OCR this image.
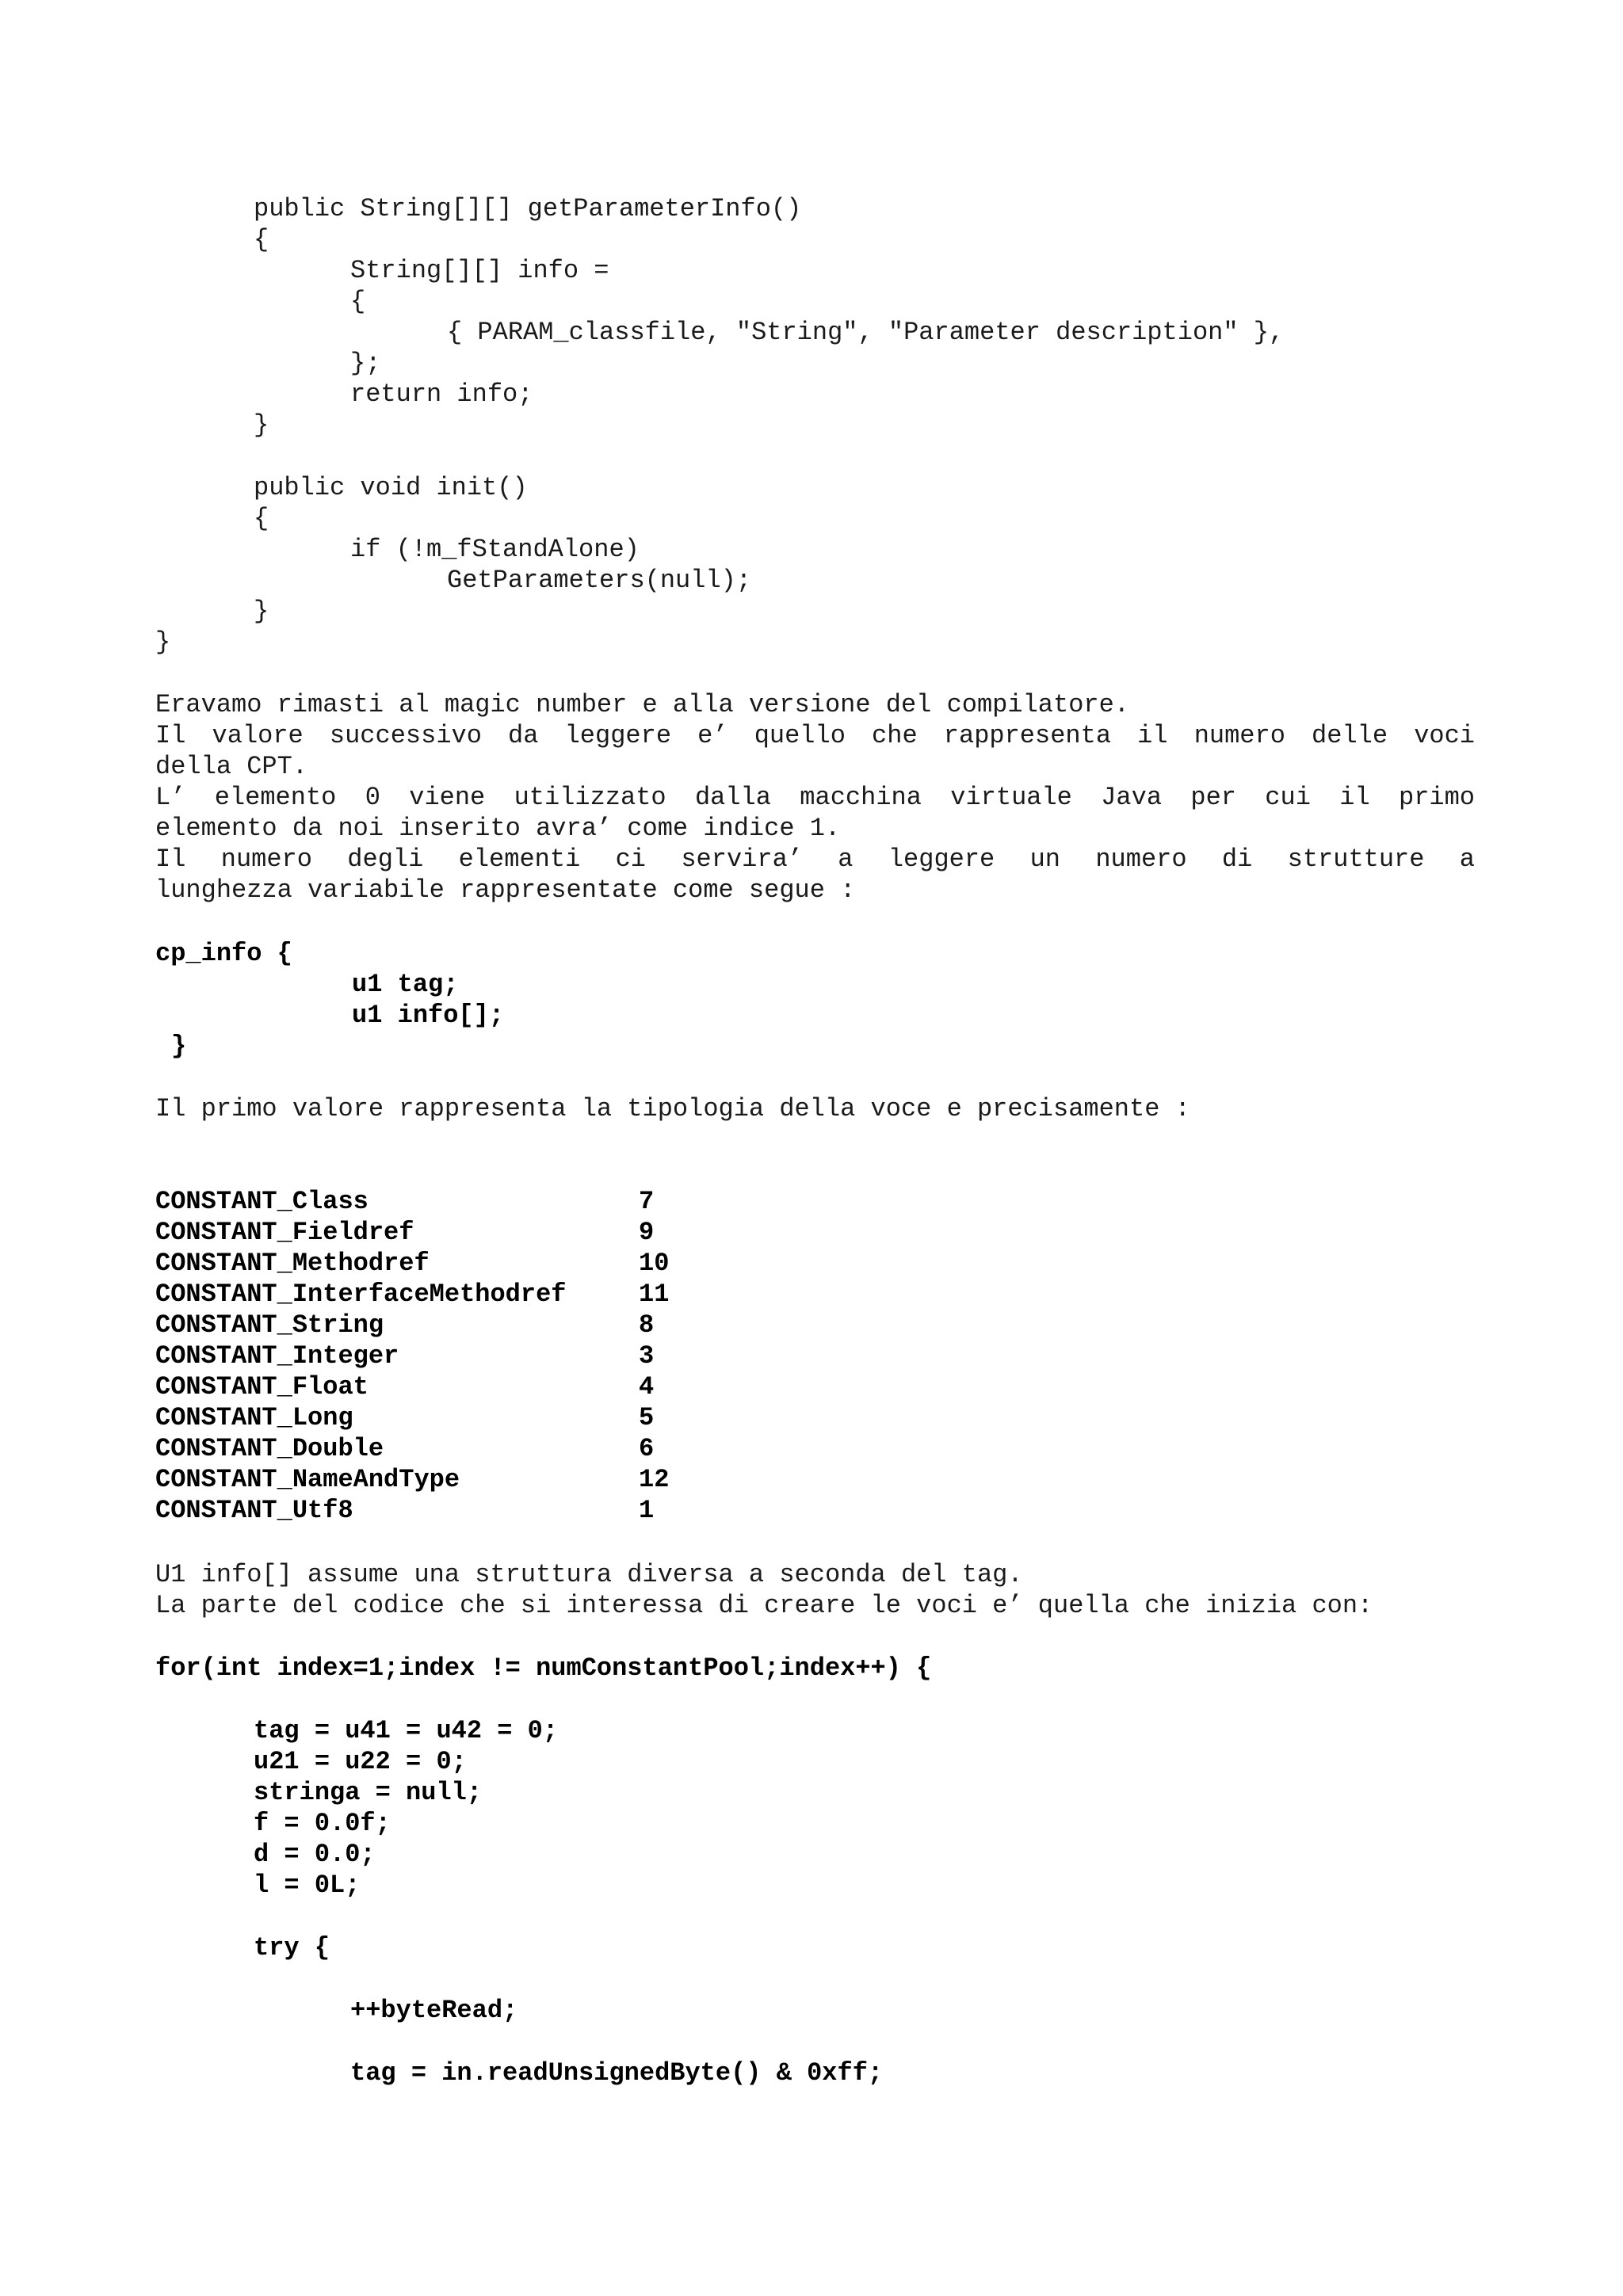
public String[][] getParameterInfo()
{
String[][] info =
{
{ PARAM_classfile, "String", "Parameter description" },
};
return info;
}
public void init()
{
if (!m_fStandAlone)
GetParameters(null);
}
}
Eravamo rimasti al magic number e alla versione del compilatore.
Il valore successivo da leggere e’ quello che rappresenta il numero delle voci
della CPT.
L’ elemento 0 viene utilizzato dalla macchina virtuale Java per cui il primo
elemento da noi inserito avra’ come indice 1.
Il numero degli elementi ci servira’ a leggere un numero di strutture a
lunghezza variabile rappresentate come segue :
cp_info {
u1 tag;
u1 info[];
}
Il primo valore rappresenta la tipologia della voce e precisamente :
CONSTANT_Class	7
CONSTANT_Fieldref	9
CONSTANT_Methodref	10
CONSTANT_InterfaceMethodref	11
CONSTANT_String	8
CONSTANT_Integer	3
CONSTANT_Float	4
CONSTANT_Long	5
CONSTANT_Double	6
CONSTANT_NameAndType	12
CONSTANT_Utf8	1
U1 info[] assume una struttura diversa a seconda del tag.
La parte del codice che si interessa di creare le voci e’ quella che inizia con:
for(int index=1;index != numConstantPool;index++) {
tag = u41 = u42 = 0;
u21 = u22 = 0;
stringa = null;
f = 0.0f;
d = 0.0;
l = 0L;
try {
++byteRead;
tag = in.readUnsignedByte() & 0xff;
